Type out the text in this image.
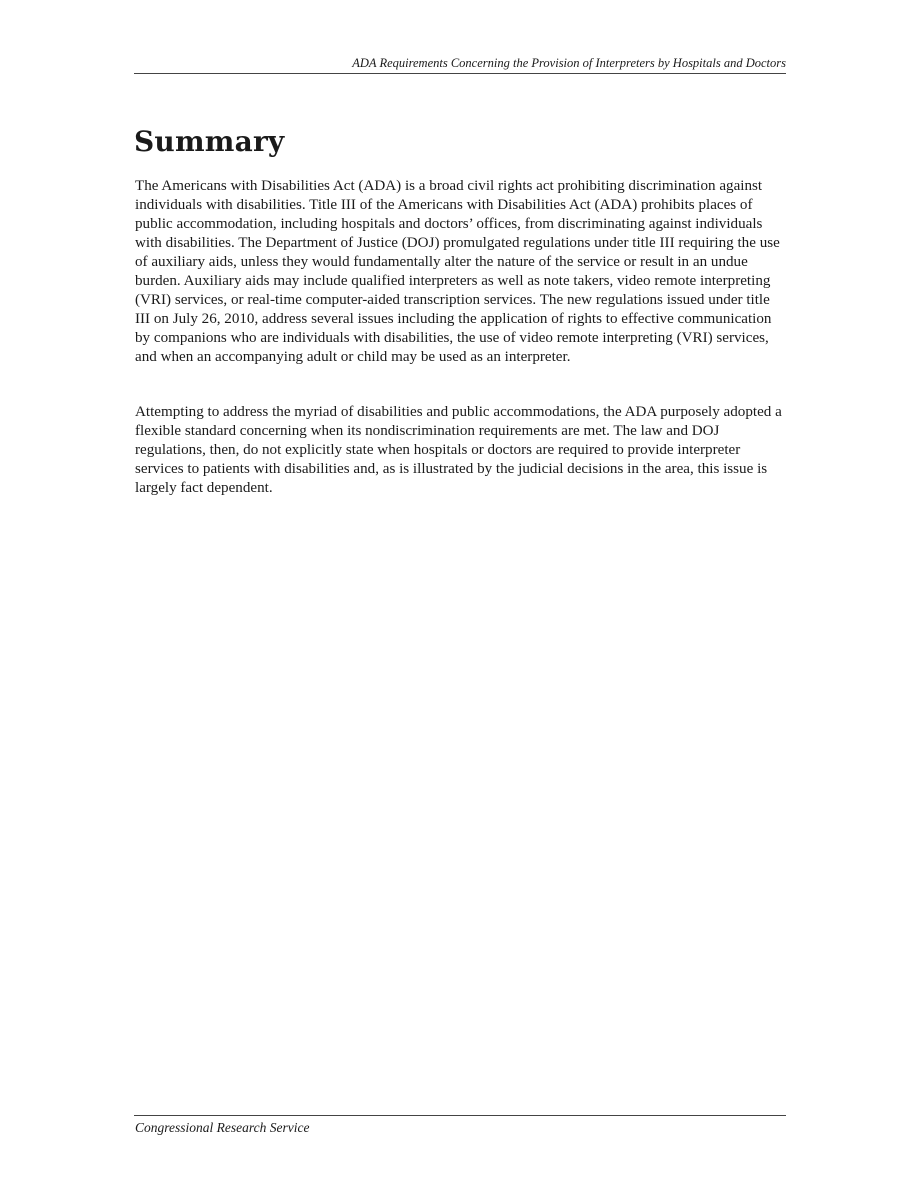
ADA Requirements Concerning the Provision of Interpreters by Hospitals and Doctors
Summary

The Americans with Disabilities Act (ADA) is a broad civil rights act prohibiting discrimination against individuals with disabilities. Title III of the Americans with Disabilities Act (ADA) prohibits places of public accommodation, including hospitals and doctors’ offices, from discriminating against individuals with disabilities. The Department of Justice (DOJ) promulgated regulations under title III requiring the use of auxiliary aids, unless they would fundamentally alter the nature of the service or result in an undue burden. Auxiliary aids may include qualified interpreters as well as note takers, video remote interpreting (VRI) services, or real-time computer-aided transcription services. The new regulations issued under title III on July 26, 2010, address several issues including the application of rights to effective communication by companions who are individuals with disabilities, the use of video remote interpreting (VRI) services, and when an accompanying adult or child may be used as an interpreter.

Attempting to address the myriad of disabilities and public accommodations, the ADA purposely adopted a flexible standard concerning when its nondiscrimination requirements are met. The law and DOJ regulations, then, do not explicitly state when hospitals or doctors are required to provide interpreter services to patients with disabilities and, as is illustrated by the judicial decisions in the area, this issue is largely fact dependent.

Congressional Research Service
